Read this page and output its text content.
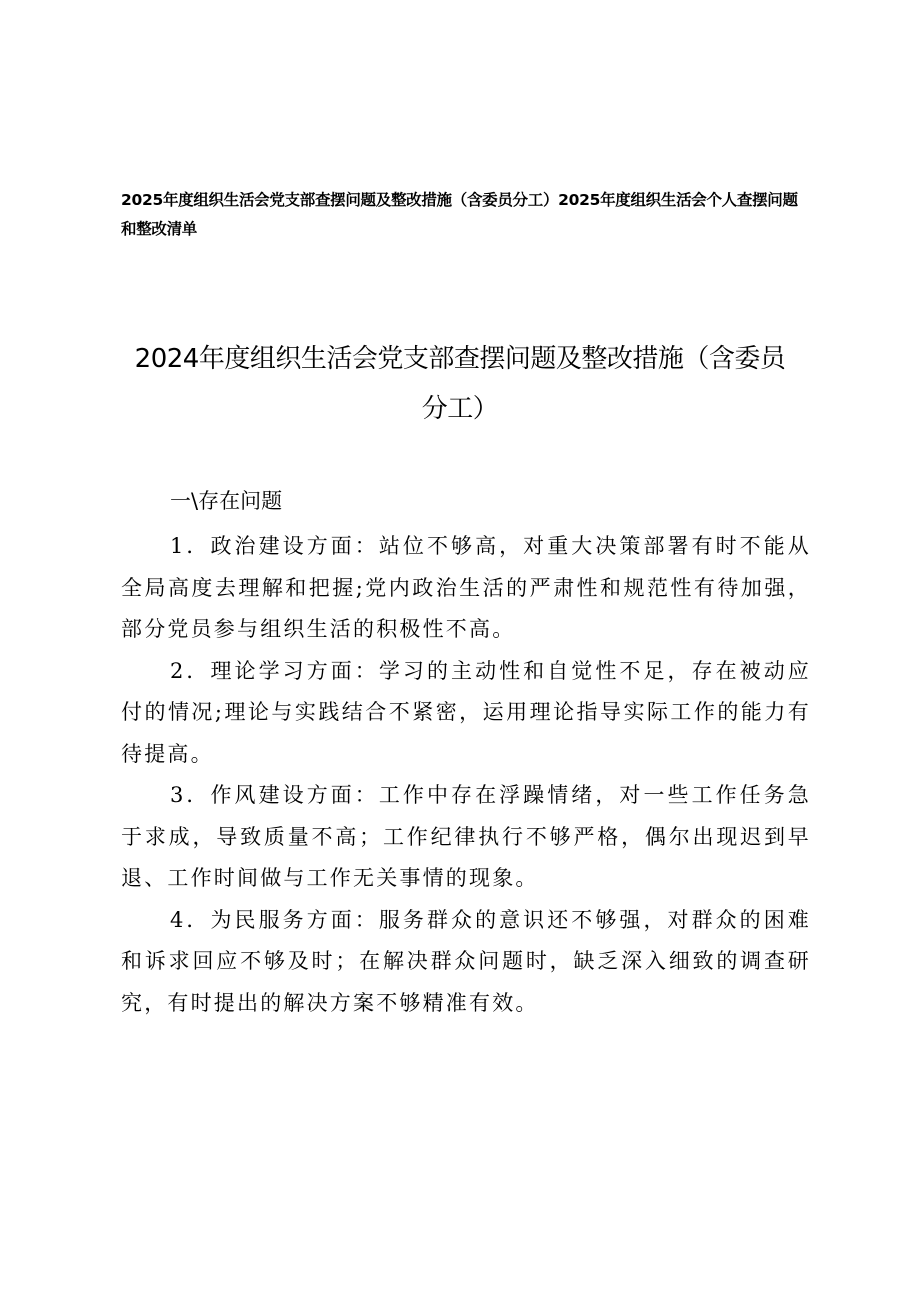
2025年度组织生活会党支部查摆问题及整改措施（含委员分工）2025年度组织生活会个人查摆问题和整改清单
2024年度组织生活会党支部查摆问题及整改措施（含委员分工）
一\存在问题

1．政治建设方面：站位不够高，对重大决策部署有时不能从全局高度去理解和把握;党内政治生活的严肃性和规范性有待加强，部分党员参与组织生活的积极性不高。

2．理论学习方面：学习的主动性和自觉性不足，存在被动应付的情况;理论与实践结合不紧密，运用理论指导实际工作的能力有待提高。

3．作风建设方面：工作中存在浮躁情绪，对一些工作任务急于求成，导致质量不高；工作纪律执行不够严格，偶尔出现迟到早退、工作时间做与工作无关事情的现象。

4．为民服务方面：服务群众的意识还不够强，对群众的困难和诉求回应不够及时；在解决群众问题时，缺乏深入细致的调查研究，有时提出的解决方案不够精准有效。
